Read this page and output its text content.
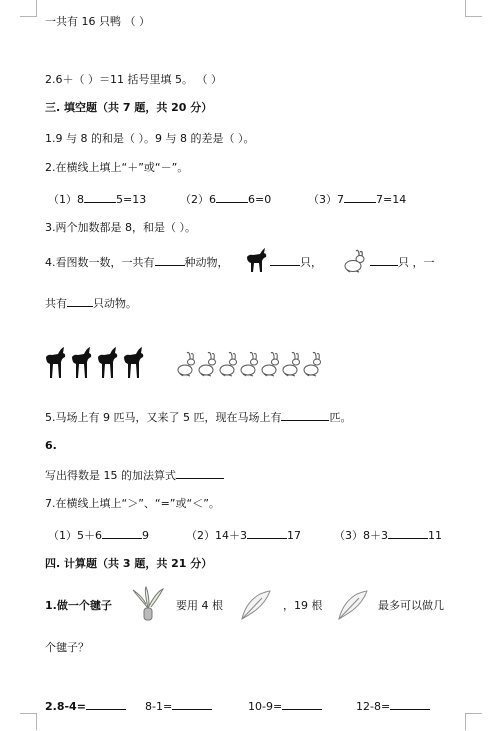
一共有 16 只鸭 （ ）
2.6＋（ ）＝11 括号里填 5。 （ ）
三. 填空题（共 7 题，共 20 分）
1.9 与 8 的和是（ ）。9 与 8 的差是（ ）。
2.在横线上填上“＋”或“－”。
（1）8	5=13	（2）6	6=0	（3）7	7=14
3.两个加数都是 8，和是（ ）。
4.看图数一数，一共有	种动物，	只，	只 ，一
共有 只动物。
5.马场上有 9 匹马，又来了 5 匹，现在马场上有	匹。
6.
写出得数是 15 的加法算式
7.在横线上填上“＞”、“=”或“＜”。
（1）5＋6	9	（2）14＋3	17	（3）8＋3	11
四. 计算题（共 3 题，共 21 分）
1.做一个毽子	要用 4 根	，19 根	最多可以做几
个毽子？
2.8-4=	8-1=	10-9=	12-8=
